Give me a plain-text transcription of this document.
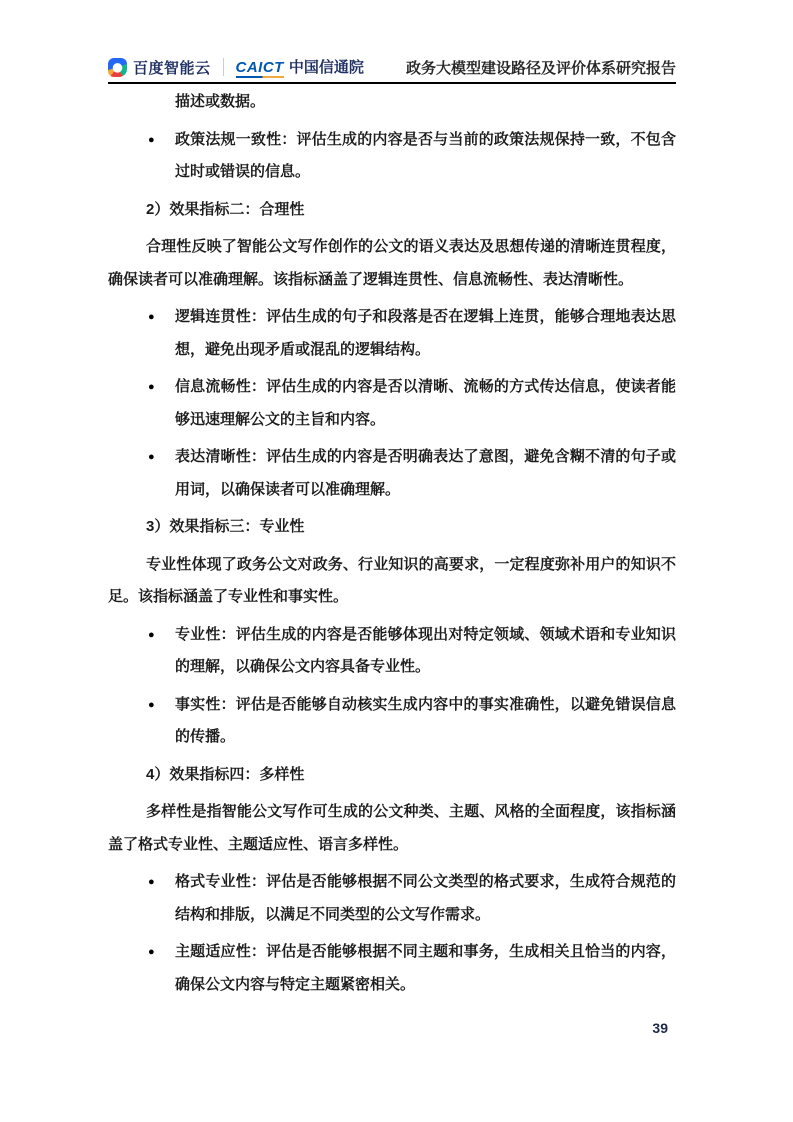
百度智能云 CAICT 中国信通院	政务大模型建设路径及评价体系研究报告
描述或数据。
● 政策法规一致性：评估生成的内容是否与当前的政策法规保持一致，不包含过时或错误的信息。
2）效果指标二：合理性
合理性反映了智能公文写作创作的公文的语义表达及思想传递的清晰连贯程度，确保读者可以准确理解。该指标涵盖了逻辑连贯性、信息流畅性、表达清晰性。
● 逻辑连贯性：评估生成的句子和段落是否在逻辑上连贯，能够合理地表达思想，避免出现矛盾或混乱的逻辑结构。
● 信息流畅性：评估生成的内容是否以清晰、流畅的方式传达信息，使读者能够迅速理解公文的主旨和内容。
● 表达清晰性：评估生成的内容是否明确表达了意图，避免含糊不清的句子或用词，以确保读者可以准确理解。
3）效果指标三：专业性
专业性体现了政务公文对政务、行业知识的高要求，一定程度弥补用户的知识不足。该指标涵盖了专业性和事实性。
● 专业性：评估生成的内容是否能够体现出对特定领域、领域术语和专业知识的理解，以确保公文内容具备专业性。
● 事实性：评估是否能够自动核实生成内容中的事实准确性，以避免错误信息的传播。
4）效果指标四：多样性
多样性是指智能公文写作可生成的公文种类、主题、风格的全面程度，该指标涵盖了格式专业性、主题适应性、语言多样性。
● 格式专业性：评估是否能够根据不同公文类型的格式要求，生成符合规范的结构和排版，以满足不同类型的公文写作需求。
● 主题适应性：评估是否能够根据不同主题和事务，生成相关且恰当的内容，确保公文内容与特定主题紧密相关。
39
